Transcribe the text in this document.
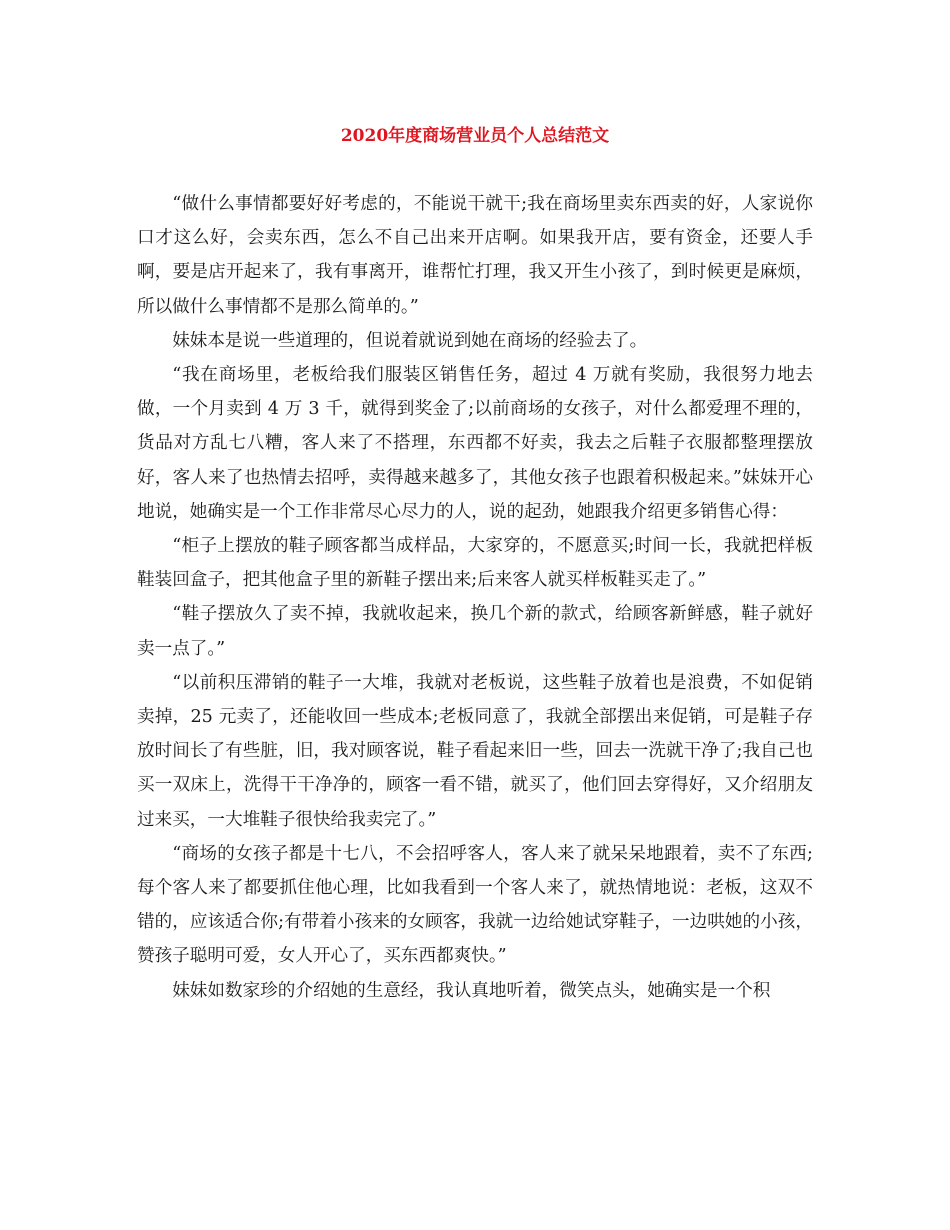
2020年度商场营业员个人总结范文

“做什么事情都要好好考虑的，不能说干就干;我在商场里卖东西卖的好，人家说你口才这么好，会卖东西，怎么不自己出来开店啊。如果我开店，要有资金，还要人手啊，要是店开起来了，我有事离开，谁帮忙打理，我又开生小孩了，到时候更是麻烦，所以做什么事情都不是那么简单的。”

妹妹本是说一些道理的，但说着就说到她在商场的经验去了。

“我在商场里，老板给我们服装区销售任务，超过 4 万就有奖励，我很努力地去做，一个月卖到 4 万 3 千，就得到奖金了;以前商场的女孩子，对什么都爱理不理的，货品对方乱七八糟，客人来了不搭理，东西都不好卖，我去之后鞋子衣服都整理摆放好，客人来了也热情去招呼，卖得越来越多了，其他女孩子也跟着积极起来。”妹妹开心地说，她确实是一个工作非常尽心尽力的人，说的起劲，她跟我介绍更多销售心得：

“柜子上摆放的鞋子顾客都当成样品，大家穿的，不愿意买;时间一长，我就把样板鞋装回盒子，把其他盒子里的新鞋子摆出来;后来客人就买样板鞋买走了。”

“鞋子摆放久了卖不掉，我就收起来，换几个新的款式，给顾客新鲜感，鞋子就好卖一点了。”

“以前积压滞销的鞋子一大堆，我就对老板说，这些鞋子放着也是浪费，不如促销卖掉，25 元卖了，还能收回一些成本;老板同意了，我就全部摆出来促销，可是鞋子存放时间长了有些脏，旧，我对顾客说，鞋子看起来旧一些，回去一洗就干净了;我自己也买一双床上，洗得干干净净的，顾客一看不错，就买了，他们回去穿得好，又介绍朋友过来买，一大堆鞋子很快给我卖完了。”

“商场的女孩子都是十七八，不会招呼客人，客人来了就呆呆地跟着，卖不了东西;每个客人来了都要抓住他心理，比如我看到一个客人来了，就热情地说：老板，这双不错的，应该适合你;有带着小孩来的女顾客，我就一边给她试穿鞋子，一边哄她的小孩，赞孩子聪明可爱，女人开心了，买东西都爽快。”

妹妹如数家珍的介绍她的生意经，我认真地听着，微笑点头，她确实是一个积
